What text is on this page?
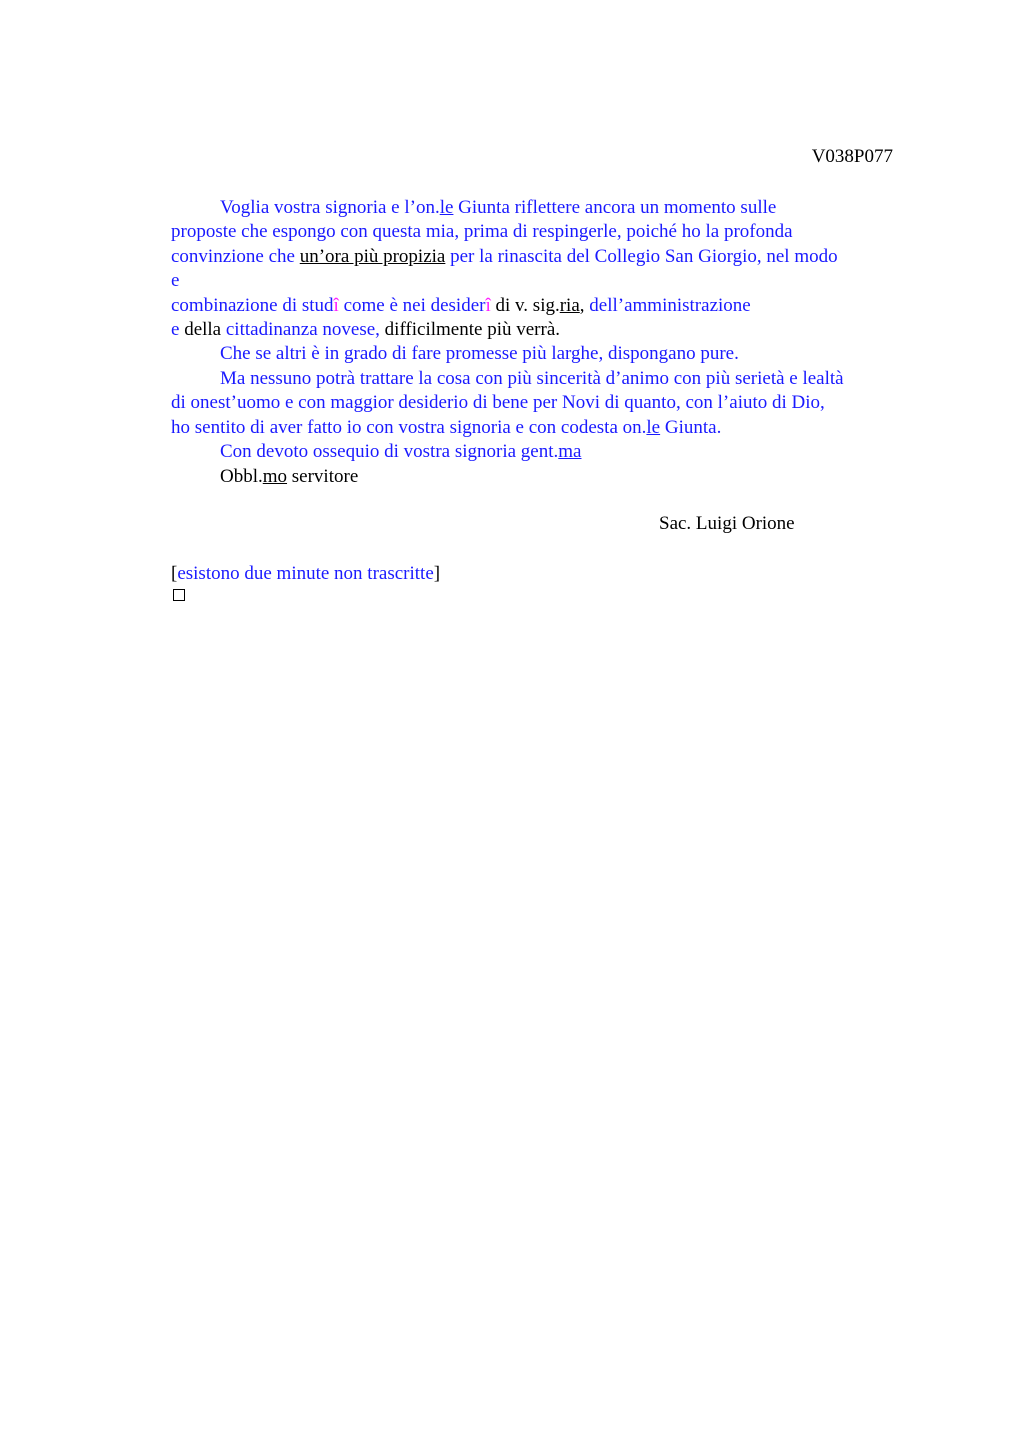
V038P077
Voglia vostra signoria e l’on.le Giunta riflettere ancora un momento sulle
proposte che espongo con questa mia, prima di respingerle, poiché ho la profonda
convinzione che un’ora più propizia per la rinascita del Collegio San Giorgio, nel modo
e
combinazione di studî come è nei desiderî di v. sig.ria, dell’amministrazione
e della cittadinanza novese, difficilmente più verrà.
Che se altri è in grado di fare promesse più larghe, dispongano pure.
Ma nessuno potrà trattare la cosa con più sincerità d’animo con più serietà e lealtà
di onest’uomo e con maggior desiderio di bene per Novi di quanto, con l’aiuto di Dio,
ho sentito di aver fatto io con vostra signoria e con codesta on.le Giunta.
Con devoto ossequio di vostra signoria gent.ma
Obbl.mo servitore
Sac. Luigi Orione
[esistono due minute non trascritte]
